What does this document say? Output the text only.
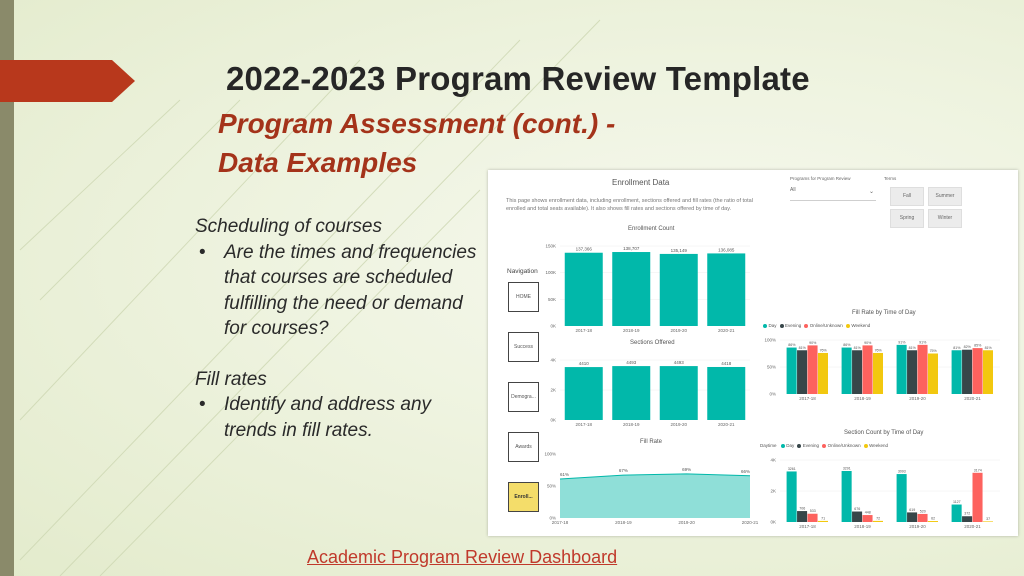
2022-2023 Program Review Template
Program Assessment (cont.) -
Data Examples

Scheduling of courses

• Are the times and frequencies that courses are scheduled fulfilling the need or demand for courses?

Fill rates

• Identify and address any trends in fill rates.
Academic Program Review Dashboard
Enrollment Data
This page shows enrollment data, including enrollment, sections offered and fill rates (the ratio of total enrolled and total seats available). It also shows fill rates and sections offered by time of day.
Programs for Program Review
All	⌄
Terms
Fall	Summer
Spring	Winter
Navigation
HOME
Success
Demogra...
Awards
Enroll...
Enrollment Count
0K
50K
100K
150K
2017-18	2018-19	2019-20	2020-21
137,366	138,707	135,149	136,085
Sections Offered
0K
2K
4K
2017-18	2018-19	2019-20	2020-21
4410	4493	4493	4418
Fill Rate
0%
50%
100%
2017-18	2018-19	2019-20	2020-21
61%
67%	69%	66%
Fill Rate by Time of Day
Day Evening Online/Unknown Weekend
0%
50%
100%
2017-18	2018-19	2019-20	2020-21
86%	86%
91%
81%
81%	81%	81%	82%
90%	90%	91%
85%
76%	76%	75%
81%
Section Count by Time of Day
Daytime Day Evening Online/Unknown Weekend
0K
2K
4K
2017-18	2018-19	2019-20	2020-21
3261	3291
3093
1127
706	676	619
372
533	448	520
3174
71	72	62	37
